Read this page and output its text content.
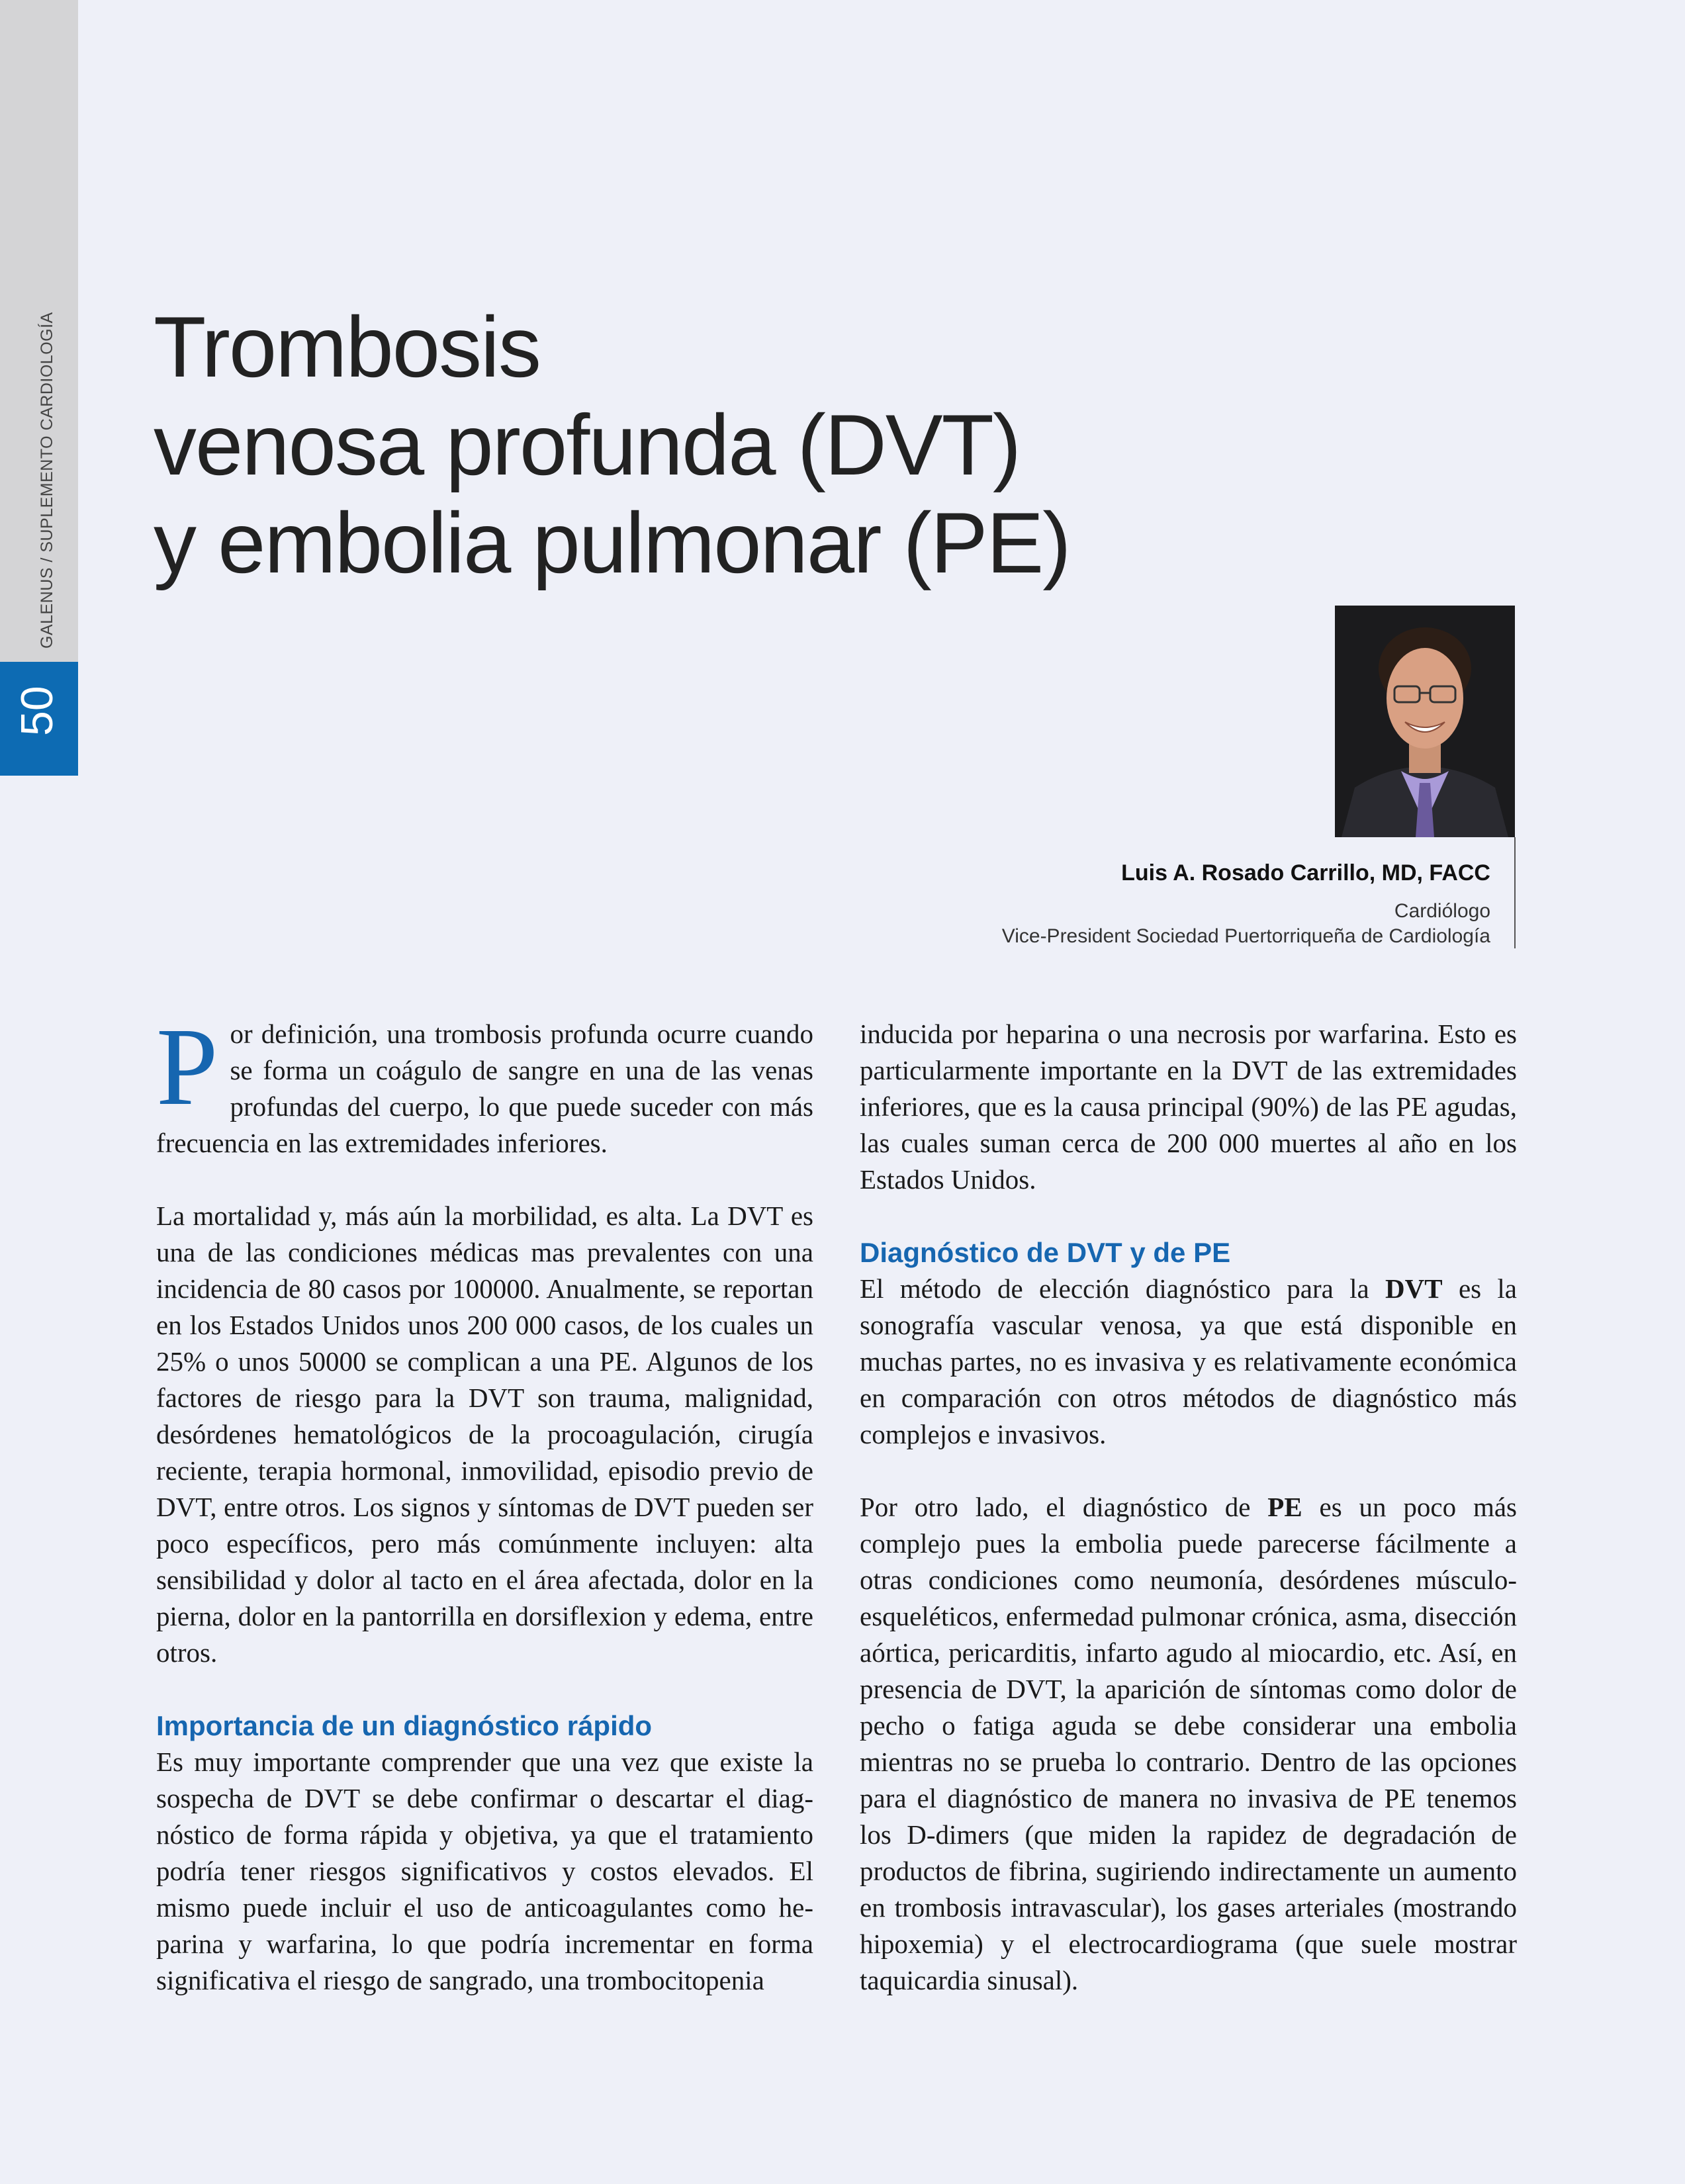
GALENUS / SUPLEMENTO CARDIOLOGÍA
50
Trombosis
venosa profunda (DVT)
y embolia pulmonar (PE)
Luis A. Rosado Carrillo, MD, FACC
Cardiólogo
Vice-President Sociedad Puertorriqueña de Cardiología

Por definición, una trombosis profunda ocurre cuando se forma un coágulo de sangre en una de las venas profundas del cuerpo, lo que puede suceder con más frecuencia en las extremidades inferiores.

La mortalidad y, más aún la morbilidad, es alta. La DVT es una de las condiciones médicas mas prevalentes con una incidencia de 80 casos por 100000. Anualmente, se reportan en los Estados Unidos unos 200 000 casos, de los cuales un 25% o unos 50000 se complican a una PE. Algunos de los factores de riesgo para la DVT son trauma, malignidad, desórdenes hematológicos de la procoagulación, cirugía reciente, terapia hormonal, inmovilidad, episodio previo de DVT, entre otros. Los signos y síntomas de DVT pueden ser poco específicos, pero más comúnmente incluyen: alta sensibilidad y dolor al tacto en el área afectada, dolor en la pierna, dolor en la pantorrilla en dorsiflexion y edema, entre otros.

Importancia de un diagnóstico rápido

Es muy importante comprender que una vez que existe la sospecha de DVT se debe confirmar o descartar el diagnóstico de forma rápida y objetiva, ya que el tratamiento podría tener riesgos significativos y costos elevados. El mismo puede incluir el uso de anticoagulantes como heparina y warfarina, lo que podría incrementar en forma significativa el riesgo de sangrado, una trombocitopenia

inducida por heparina o una necrosis por warfarina. Esto es particularmente importante en la DVT de las extremidades inferiores, que es la causa principal (90%) de las PE agudas, las cuales suman cerca de 200 000 muertes al año en los Estados Unidos.

Diagnóstico de DVT y de PE

El método de elección diagnóstico para la DVT es la sonografía vascular venosa, ya que está disponible en muchas partes, no es invasiva y es relativamente económica en comparación con otros métodos de diagnóstico más complejos e invasivos.

Por otro lado, el diagnóstico de PE es un poco más complejo pues la embolia puede parecerse fácilmente a otras condiciones como neumonía, desórdenes músculo-esqueléticos, enfermedad pulmonar crónica, asma, disección aórtica, pericarditis, infarto agudo al miocardio, etc. Así, en presencia de DVT, la aparición de síntomas como dolor de pecho o fatiga aguda se debe considerar una embolia mientras no se prueba lo contrario. Dentro de las opciones para el diagnóstico de manera no invasiva de PE tenemos los D-dimers (que miden la rapidez de degradación de productos de fibrina, sugiriendo indirectamente un aumento en trombosis intravascular), los gases arteriales (mostrando hipoxemia) y el electrocardiograma (que suele mostrar taquicardia sinusal).
